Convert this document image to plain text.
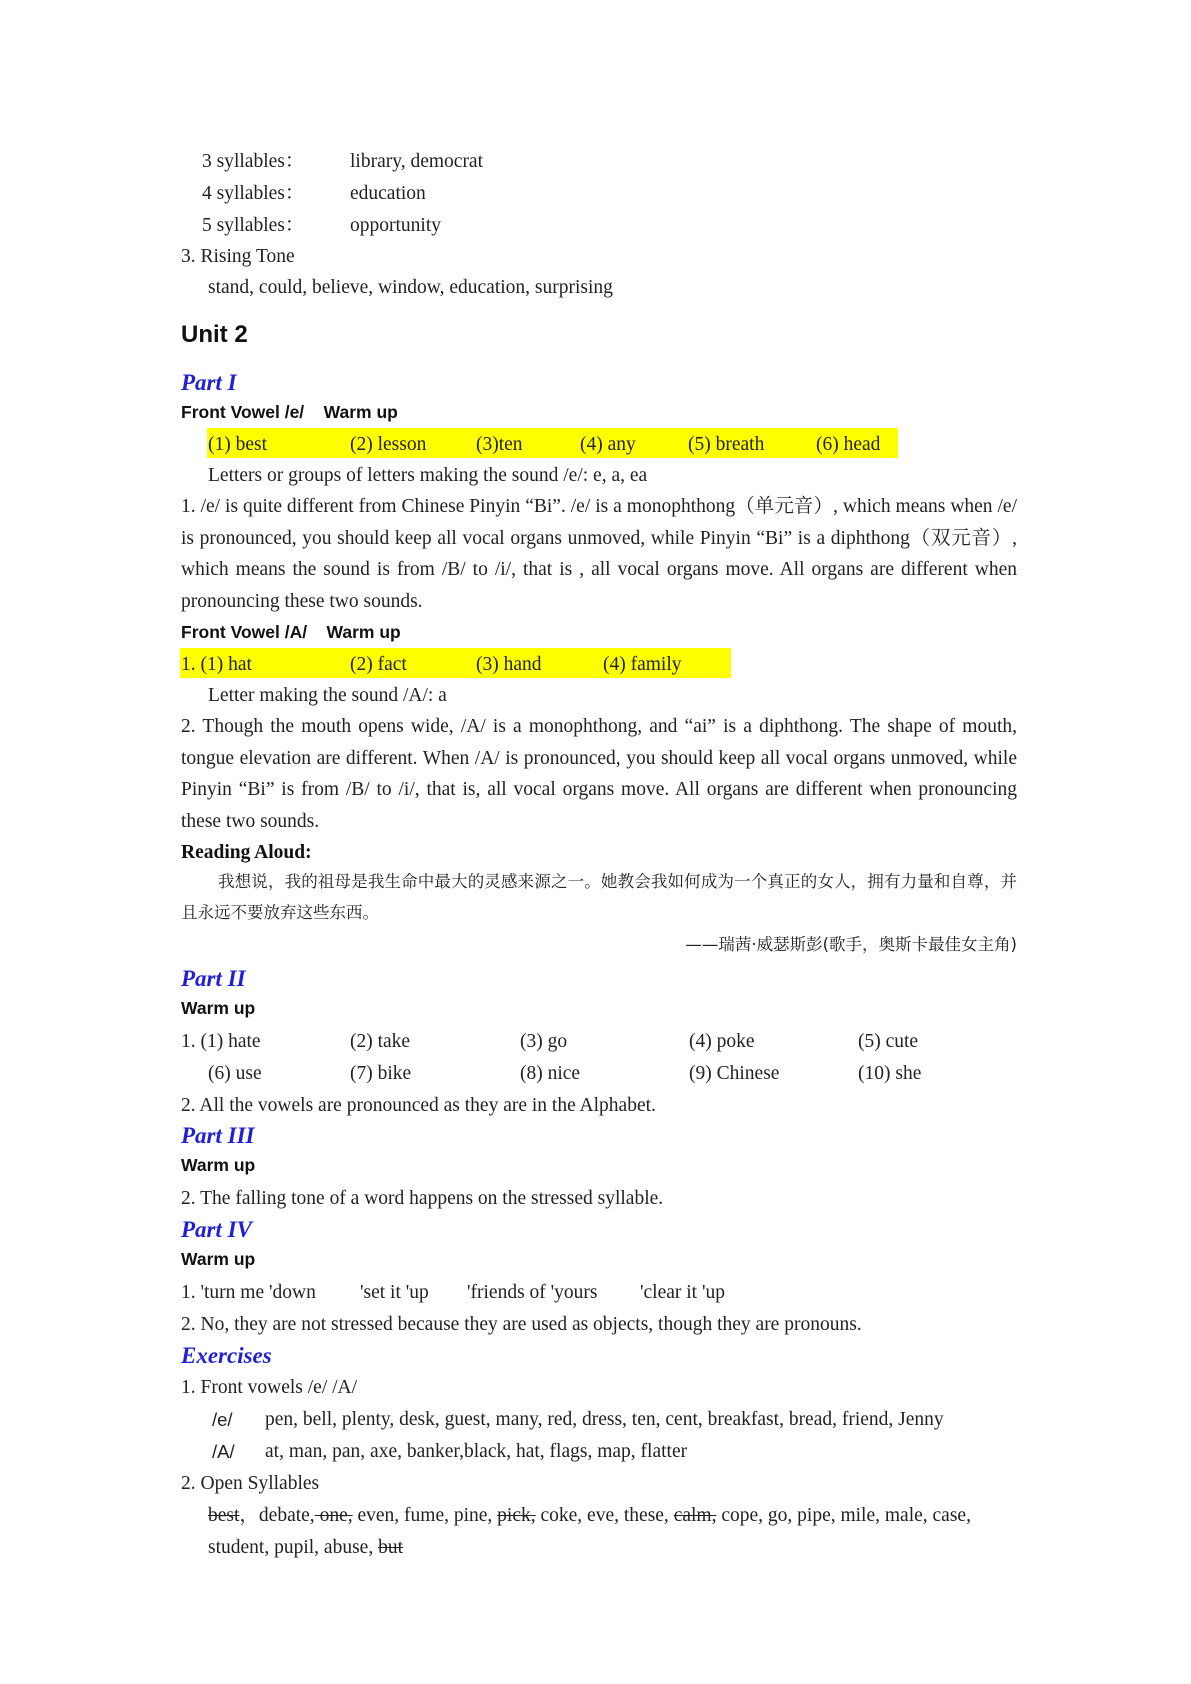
3 syllables： library, democrat
4 syllables： education
5 syllables： opportunity
3. Rising Tone
stand, could, believe, window, education, surprising
Unit 2
Part I
Front Vowel /e/    Warm up
(1) best	(2) lesson	(3)ten	(4) any	(5) breath	(6) head
Letters or groups of letters making the sound /e/: e, a, ea
1. /e/ is quite different from Chinese Pinyin “Bi”. /e/ is a monophthong（单元音）, which means when /e/ is pronounced, you should keep all vocal organs unmoved, while Pinyin “Bi” is a diphthong（双元音）, which means the sound is from /B/ to /i/, that is , all vocal organs move. All organs are different when pronouncing these two sounds.
Front Vowel /A/    Warm up
1. (1) hat	(2) fact	(3) hand	(4) family
Letter making the sound /A/: a
2. Though the mouth opens wide, /A/ is a monophthong, and “ai” is a diphthong. The shape of mouth, tongue elevation are different. When /A/ is pronounced, you should keep all vocal organs unmoved, while Pinyin “Bi” is from /B/ to /i/, that is, all vocal organs move. All organs are different when pronouncing these two sounds.
Reading Aloud:
我想说，我的祖母是我生命中最大的灵感来源之一。她教会我如何成为一个真正的女人，拥有力量和自尊，并且永远不要放弃这些东西。
——瑞茜·威瑟斯彭(歌手，奥斯卡最佳女主角)
Part II
Warm up
1. (1) hate	(2) take	(3) go	(4) poke	(5) cute
(6) use	(7) bike	(8) nice	(9) Chinese	(10) she
2. All the vowels are pronounced as they are in the Alphabet.
Part III
Warm up
2. The falling tone of a word happens on the stressed syllable.
Part IV
Warm up
1. 'turn me 'down 'set it 'up 'friends of 'yours 'clear it 'up
2. No, they are not stressed because they are used as objects, though they are pronouns.
Exercises
1. Front vowels /e/ /A/
/e/ pen, bell, plenty, desk, guest, many, red, dress, ten, cent, breakfast, bread, friend, Jenny
/A/ at, man, pan, axe, banker,black, hat, flags, map, flatter
2. Open Syllables
best，debate, one, even, fume, pine, pick, coke, eve, these, calm, cope, go, pipe, mile, male, case,
student, pupil, abuse, but
